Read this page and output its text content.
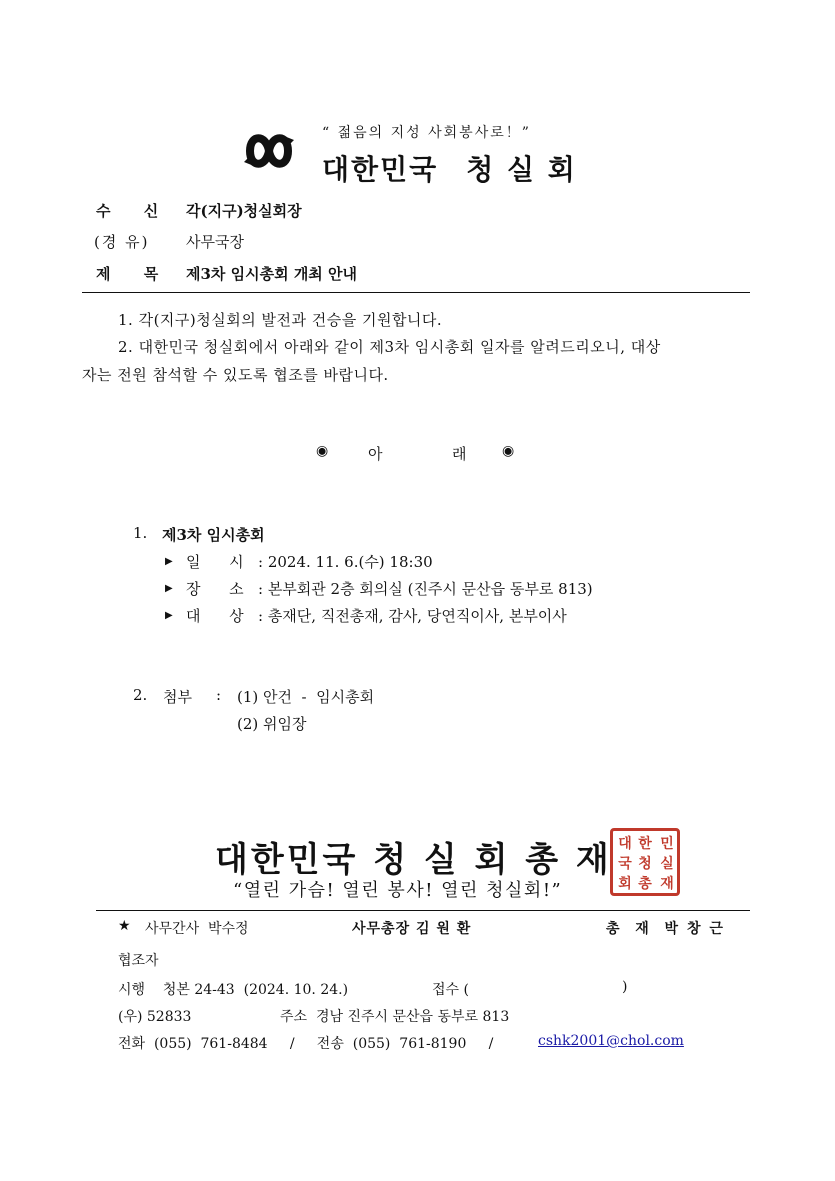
“ 젊음의 지성 사회봉사로！”
대한민국 청 실 회
수 신 각(지구)청실회장
(경 유) 사무국장
제 목 제3차 임시총회 개최 안내
1. 각(지구)청실회의 발전과 건승을 기원합니다.
2. 대한민국 청실회에서 아래와 같이 제3차 임시총회 일자를 알려드리오니, 대상
자는 전원 참석할 수 있도록 협조를 바랍니다.
◉	아	래	◉
1. 제3차 임시총회
▶ 일      시 : 2024. 11. 6.(수) 18:30
▶ 장      소 : 본부회관 2층 회의실 (진주시 문산읍 동부로 813)
▶ 대      상 : 총재단, 직전총재, 감사, 당연직이사, 본부이사
2. 첨부 : (1) 안건  -  임시총회
(2) 위임장
대한민국 청 실 회 총 재 대 한 민
국 청 실
회 총 재
“열린 가슴! 열린 봉사! 열린 청실회!”
★ 사무간사  박수정	사무총장 김 원 환	총  재  박 창 근
협조자
시행    청본 24-43  (2024. 10. 24.)	접수 (	)
(우) 52833	주소  경남 진주시 문산읍 동부로 813
전화  (055)  761-8484     /     전송  (055)  761-8190     /	cshk2001@chol.com
